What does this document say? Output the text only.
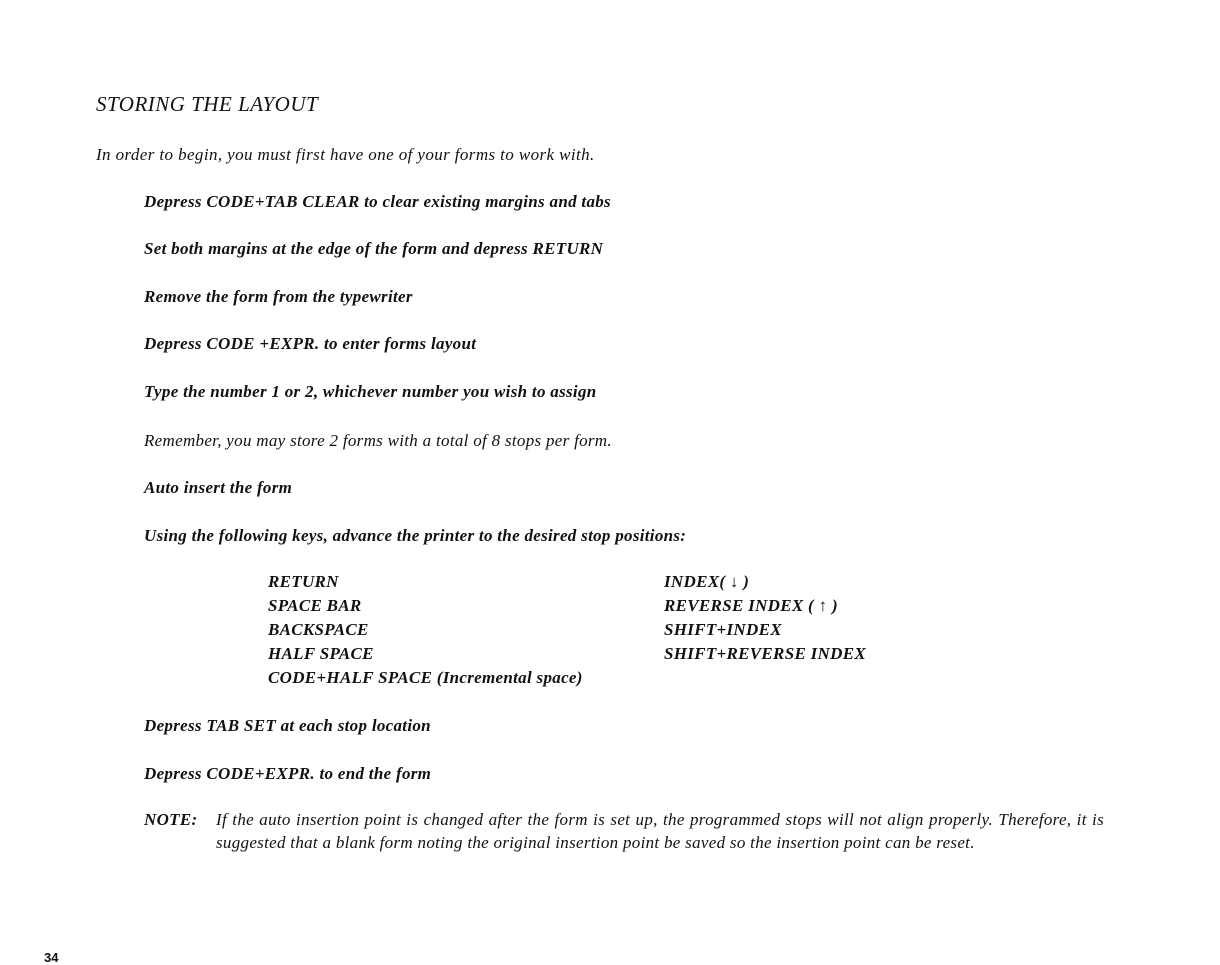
STORING THE LAYOUT
In order to begin, you must first have one of your forms to work with.
Depress CODE+TAB CLEAR to clear existing margins and tabs
Set both margins at the edge of the form and depress RETURN
Remove the form from the typewriter
Depress CODE +EXPR. to enter forms layout
Type the number 1 or 2, whichever number you wish to assign
Remember, you may store 2 forms with a total of 8 stops per form.
Auto insert the form
Using the following keys, advance the printer to the desired stop positions:
RETURN
SPACE BAR
BACKSPACE
HALF SPACE
CODE+HALF SPACE (Incremental space)
INDEX( ↓ )
REVERSE INDEX ( ↑ )
SHIFT+INDEX
SHIFT+REVERSE INDEX
Depress TAB SET at each stop location
Depress CODE+EXPR. to end the form
NOTE: If the auto insertion point is changed after the form is set up, the programmed stops will not align properly. Therefore, it is suggested that a blank form noting the original insertion point be saved so the insertion point can be reset.
34
